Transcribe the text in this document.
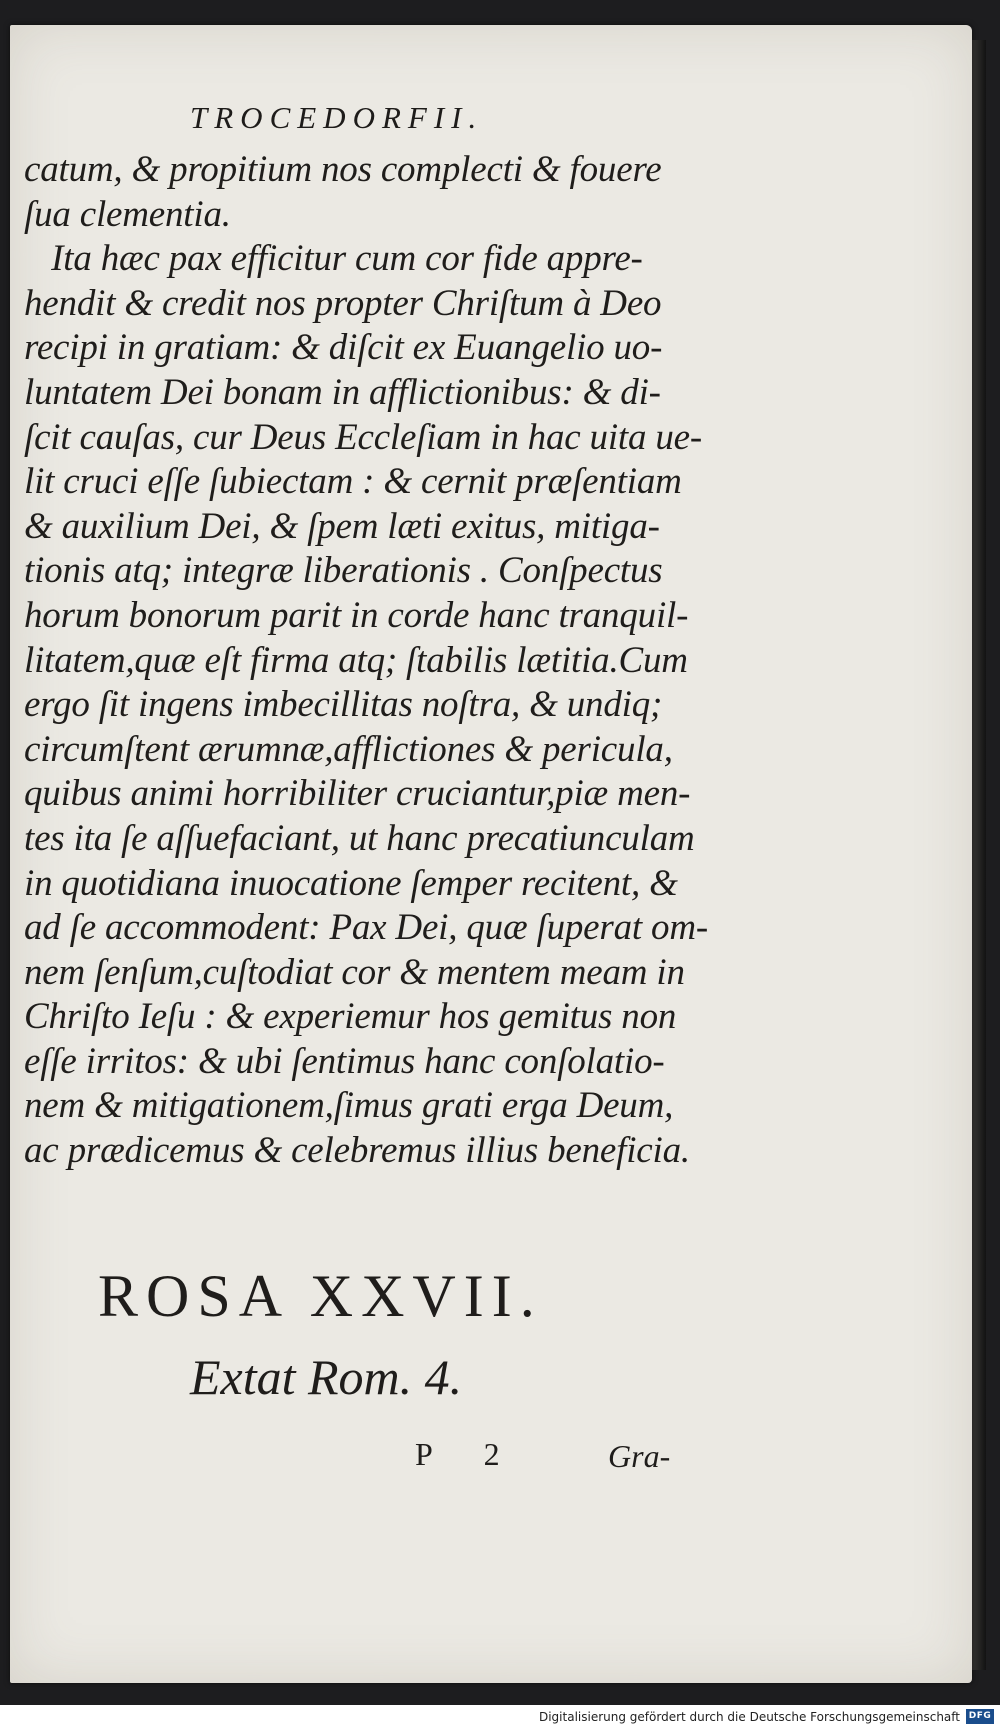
TROCEDORFII.
catum, & propitium nos complecti & fouere
ſua clementia.
Ita hæc pax efficitur cum cor fide appre-
hendit & credit nos propter Chriſtum à Deo
recipi in gratiam: & diſcit ex Euangelio uo-
luntatem Dei bonam in afflictionibus: & di-
ſcit cauſas, cur Deus Eccleſiam in hac uita ue-
lit cruci eſſe ſubiectam : & cernit præſentiam
& auxilium Dei, & ſpem læti exitus, mitiga-
tionis atq; integræ liberationis . Conſpectus
horum bonorum parit in corde hanc tranquil-
litatem,quæ eſt firma atq; ſtabilis lætitia.Cum
ergo ſit ingens imbecillitas noſtra, & undiq;
circumſtent ærumnæ,afflictiones & pericula,
quibus animi horribiliter cruciantur,piæ men-
tes ita ſe aſſuefaciant, ut hanc precatiunculam
in quotidiana inuocatione ſemper recitent, &
ad ſe accommodent: Pax Dei, quæ ſuperat om-
nem ſenſum,cuſtodiat cor & mentem meam in
Chriſto Ieſu : & experiemur hos gemitus non
eſſe irritos: & ubi ſentimus hanc conſolatio-
nem & mitigationem,ſimus grati erga Deum,
ac prædicemus & celebremus illius beneficia.
ROSA XXVII.
Extat Rom. 4.
P 2	Gra-
Digitalisierung gefördert durch die Deutsche Forschungsgemeinschaft DFG
